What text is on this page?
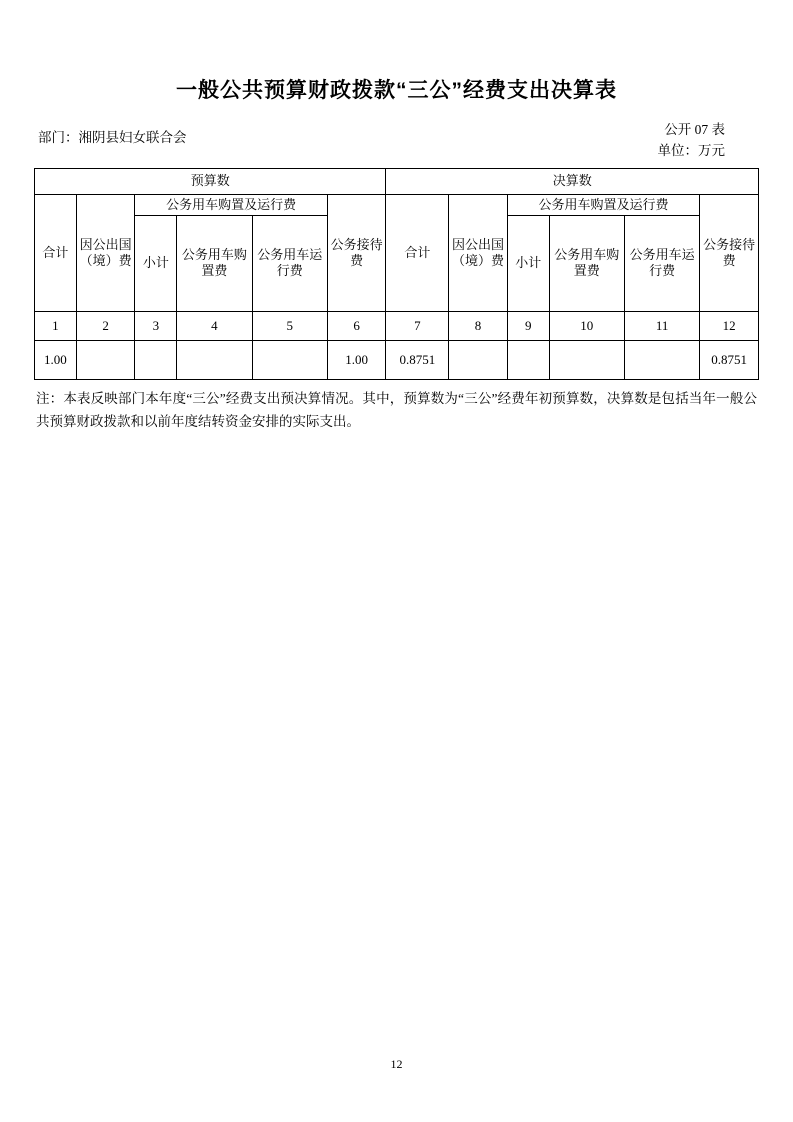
一般公共预算财政拨款“三公”经费支出决算表
公开 07 表
单位：万元
部门：湘阴县妇女联合会
预算数						决算数					
合计	因公出国（境）费	公务用车购置及运行费			公务接待费	合计	因公出国（境）费	公务用车购置及运行费			公务接待费
		小计	公务用车购置费	公务用车运行费				小计	公务用车购置费	公务用车运行费	
1	2	3	4	5	6	7	8	9	10	11	12
1.00					1.00	0.8751					0.8751
注：本表反映部门本年度“三公”经费支出预决算情况。其中，预算数为“三公”经费年初预算数，决算数是包括当年一般公共预算财政拨款和以前年度结转资金安排的实际支出。
12
